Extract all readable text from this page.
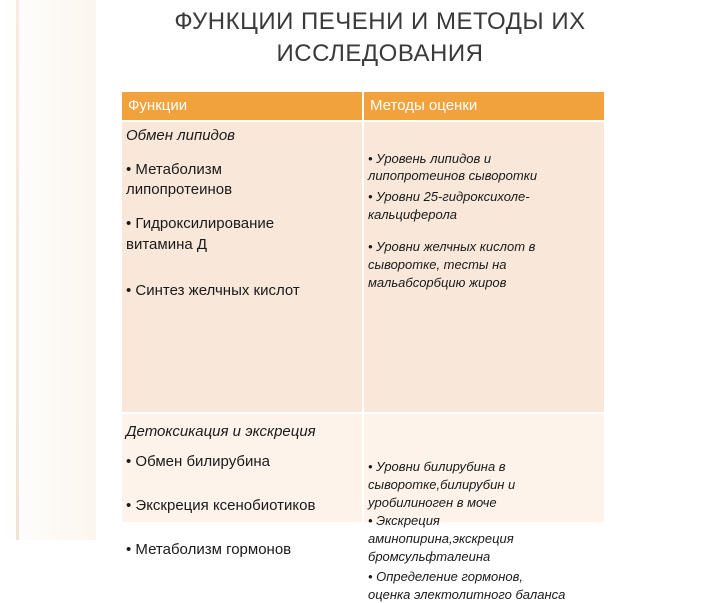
ФУНКЦИИ ПЕЧЕНИ И МЕТОДЫ ИХ
ИССЛЕДОВАНИЯ
Функции	Методы оценки
Обмен липидов
• Метаболизм
липопротеинов
• Гидроксилирование
витамина Д
• Синтез желчных кислот
• Уровень липидов и
липопротеинов сыворотки
• Уровни 25-гидроксихоле-
кальциферола
• Уровни желчных кислот в
сыворотке, тесты на
мальабсорбцию жиров
Детоксикация и экскреция
• Обмен билирубина
• Экскреция ксенобиотиков
• Метаболизм гормонов
• Уровни билирубина в
сыворотке,билирубин и
уробилиноген в моче
• Экскреция
аминопирина,экскреция
бромсульфталеина
• Определение гормонов,
оценка электолитного баланса
